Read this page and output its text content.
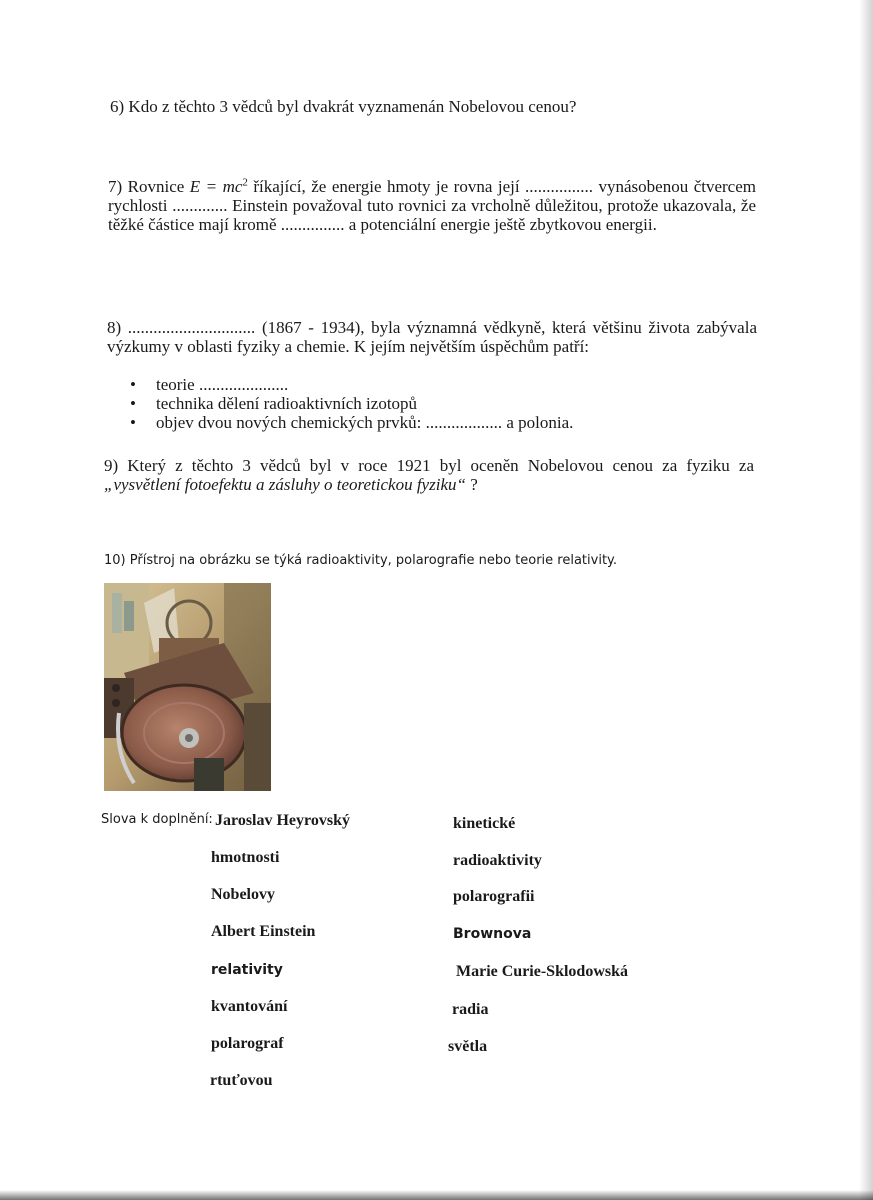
6) Kdo z těchto 3 vědců byl dvakrát vyznamenán Nobelovou cenou?
7) Rovnice $E = mc^2$ říkající, že energie hmoty je rovna její ................ vynásobenou čtvercem rychlosti ............. Einstein považoval tuto rovnici za vrcholně důležitou, protože ukazovala, že těžké částice mají kromě ............... a potenciální energie ještě zbytkovou energii.
8) .............................. (1867 - 1934), byla významná vědkyně, která většinu života zabývala výzkumy v oblasti fyziky a chemie. K jejím největším úspěchům patří:
• teorie .....................
• technika dělení radioaktivních izotopů
• objev dvou nových chemických prvků: .................. a polonia.
9) Který z těchto 3 vědců byl v roce 1921 byl oceněn Nobelovou cenou za fyziku za „vysvětlení fotoefektu a zásluhy o teoretickou fyziku“ ?
10) Přístroj na obrázku se týká radioaktivity, polarografie nebo teorie relativity.
Slova k doplnění: Jaroslav Heyrovský
hmotnosti
Nobelovy
Albert Einstein
relativity
kvantování
polarograf
rtuťovou
kinetické
radioaktivity
polarografii
Brownova
Marie Curie-Sklodowská
radia
světla
